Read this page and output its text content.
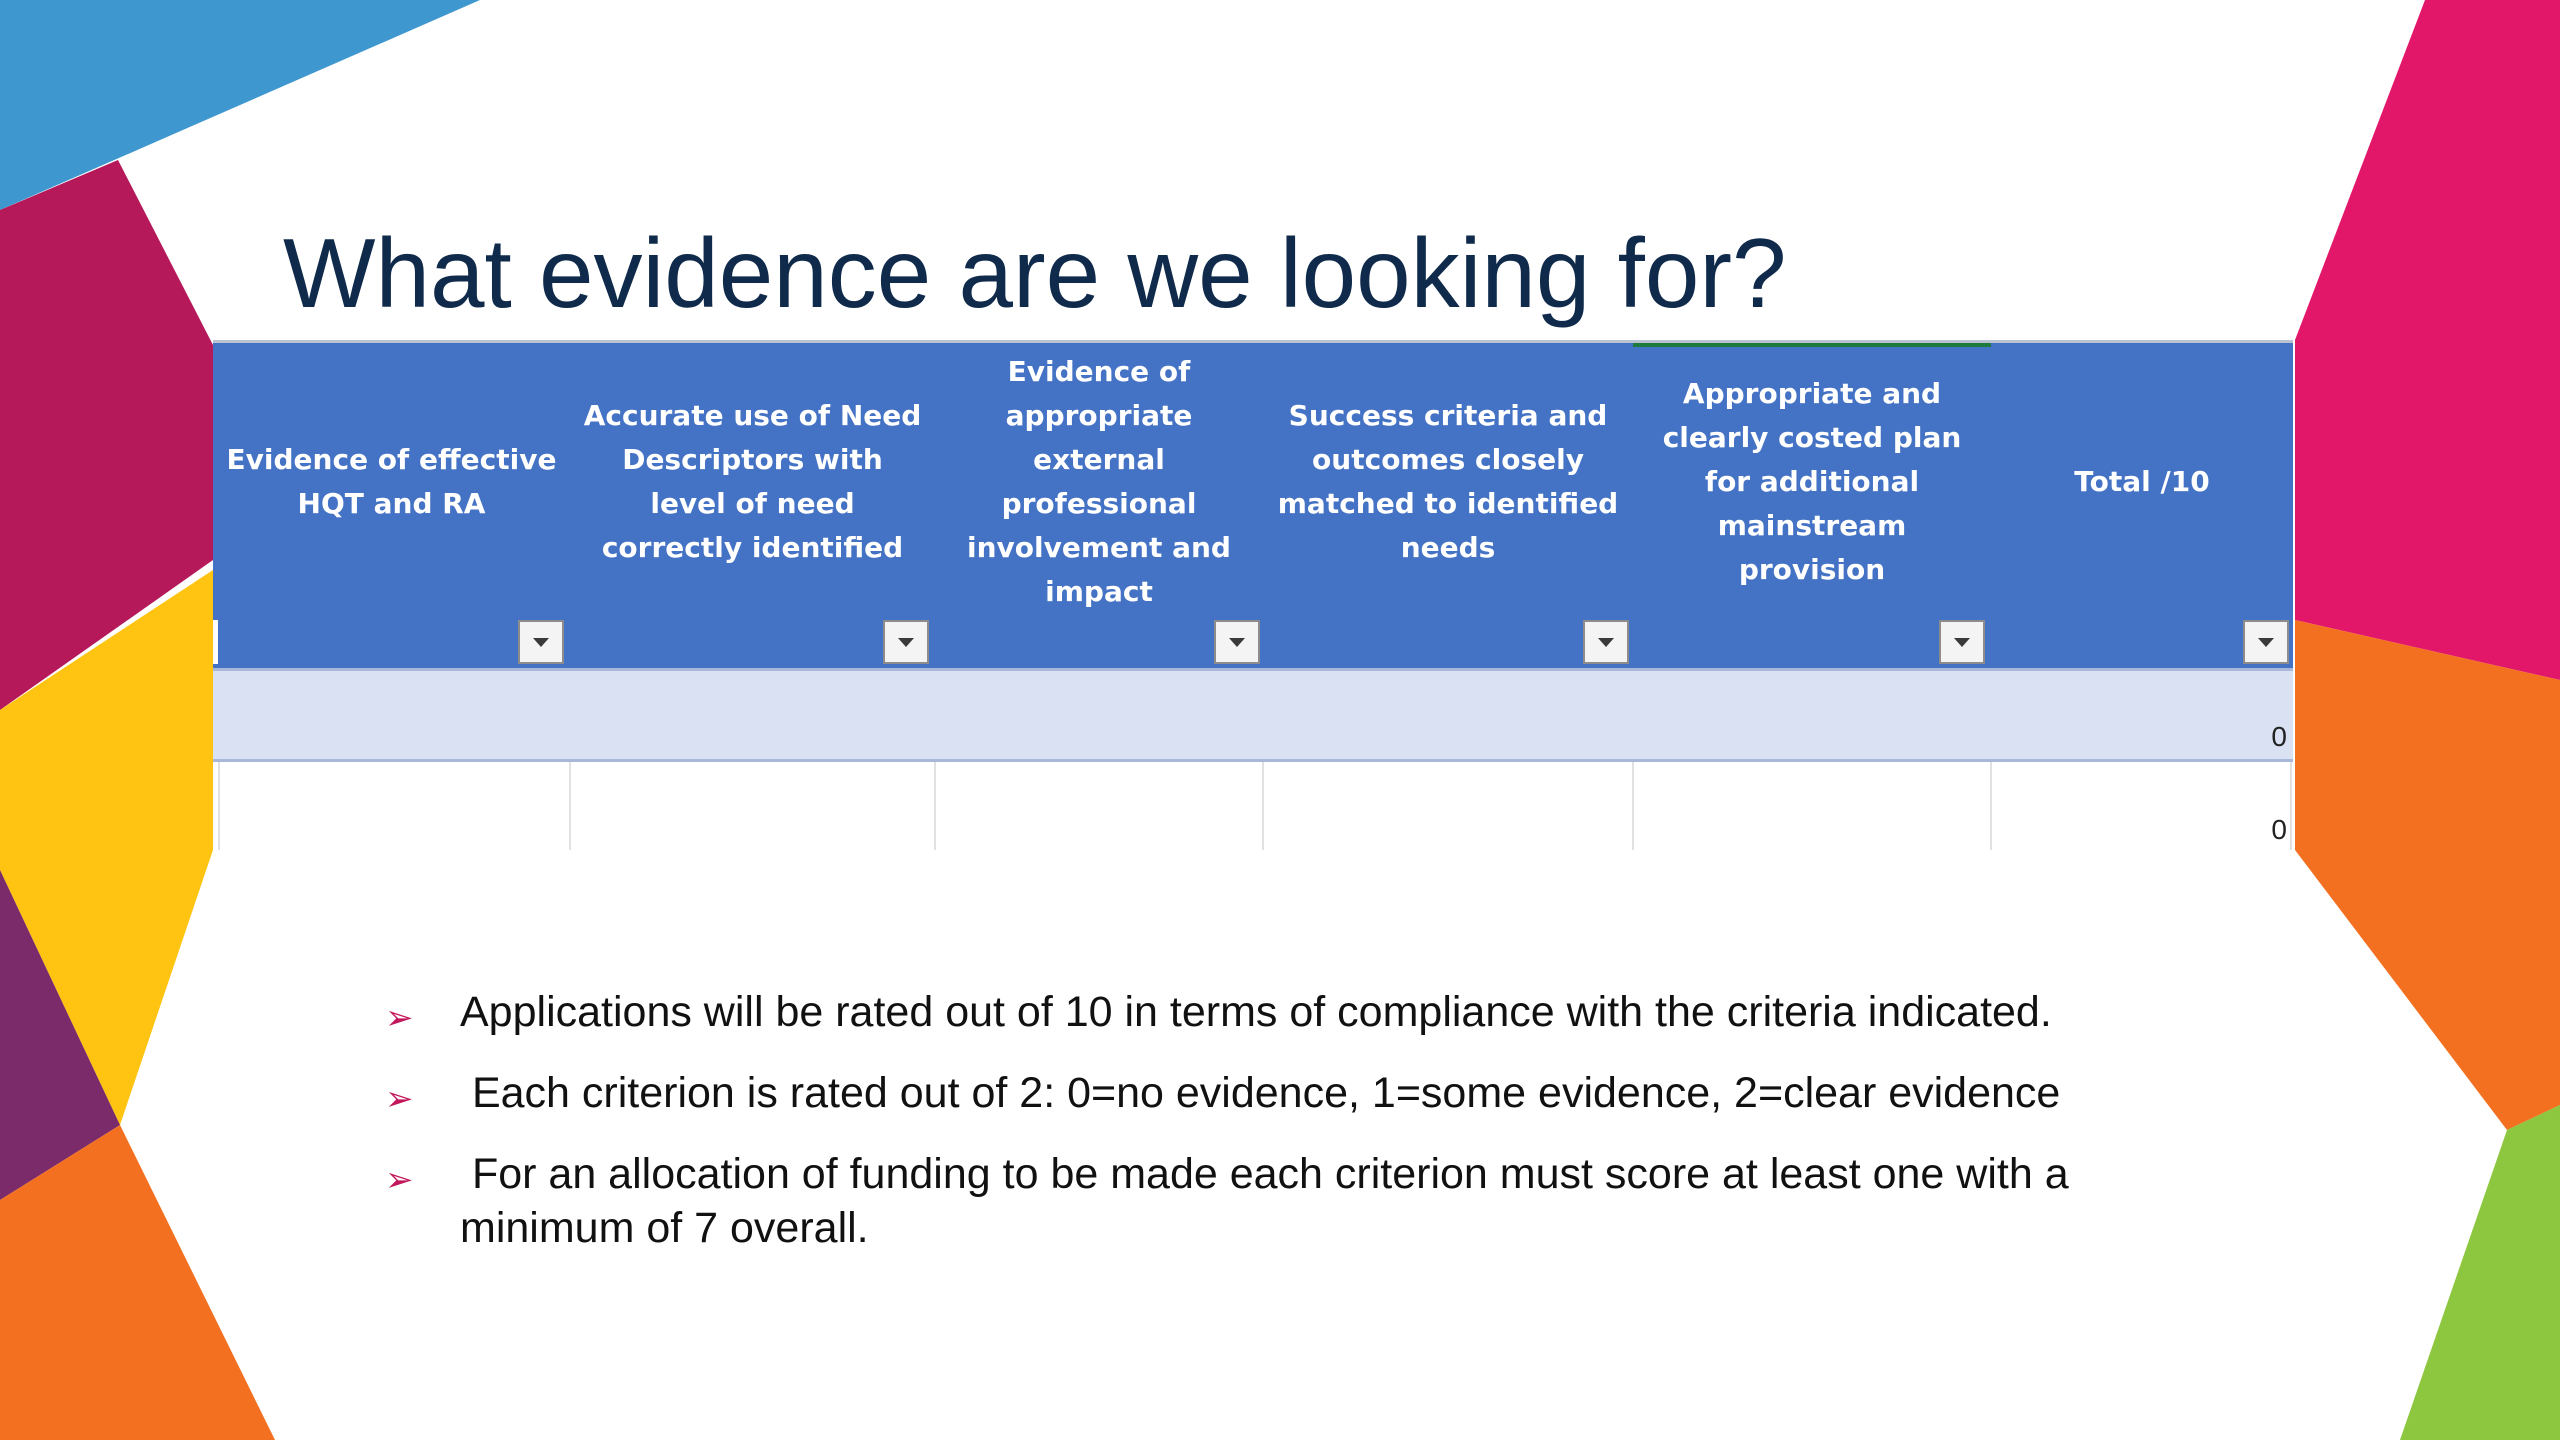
What evidence are we looking for?
Evidence of effective HQT and RA
Accurate use of Need Descriptors with level of need correctly identified
Evidence of appropriate external professional involvement and impact
Success criteria and outcomes closely matched to identified needs
Appropriate and clearly costed plan for additional mainstream provision
Total /10
0
0
➢ Applications will be rated out of 10 in terms of compliance with the criteria indicated.
➢ Each criterion is rated out of 2: 0=no evidence, 1=some evidence, 2=clear evidence
➢ For an allocation of funding to be made each criterion must score at least one with a minimum of 7 overall.
